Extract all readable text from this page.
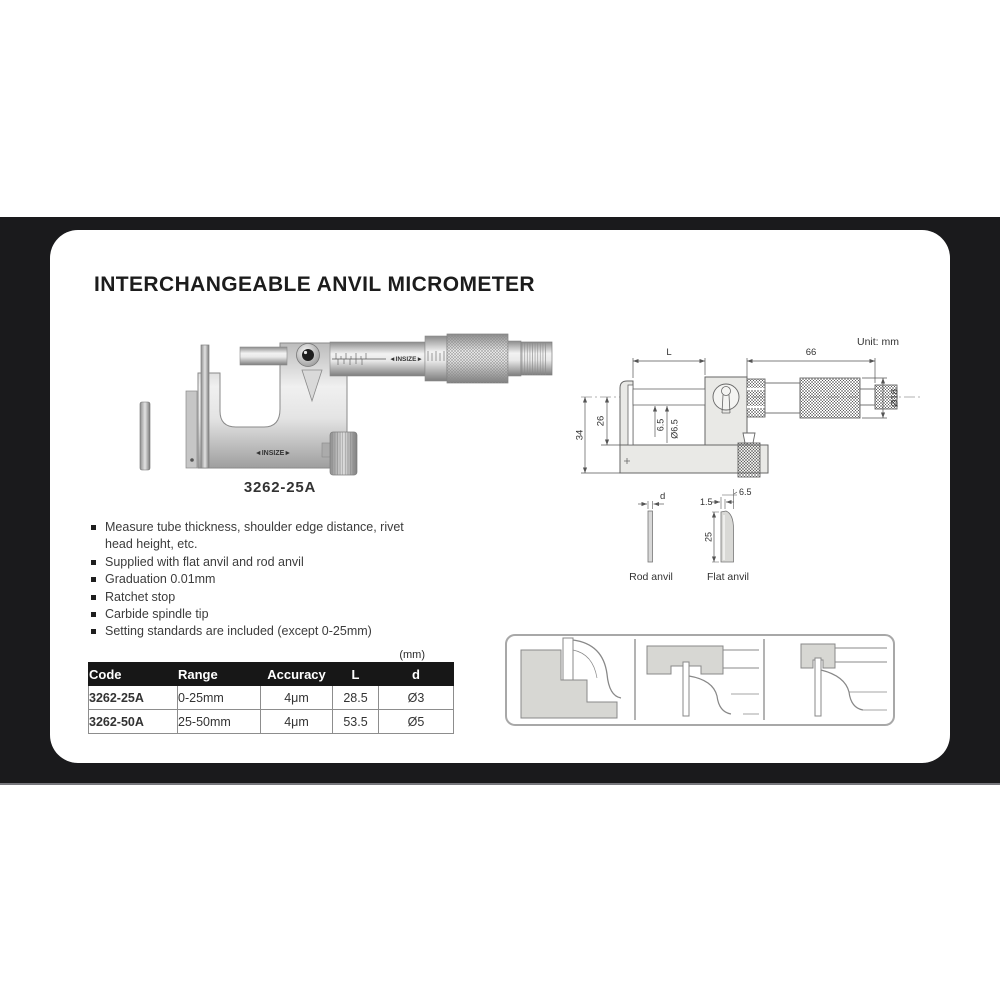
INTERCHANGEABLE ANVIL MICROMETER
◄INSIZE►
◄INSIZE►
3262-25A
Unit: mm
L	66
Ø18
26
34
6.5 Ø6.5
d
Rod anvil
1.5
6.5
25
Flat anvil
Measure tube thickness, shoulder edge distance, rivet head height, etc.
Supplied with flat anvil and rod anvil
Graduation 0.01mm
Ratchet stop
Carbide spindle tip
Setting standards are included (except 0-25mm)
(mm)
Code	Range	Accuracy	L	d
3262-25A	0-25mm	4μm	28.5	Ø3
3262-50A	25-50mm	4μm	53.5	Ø5
